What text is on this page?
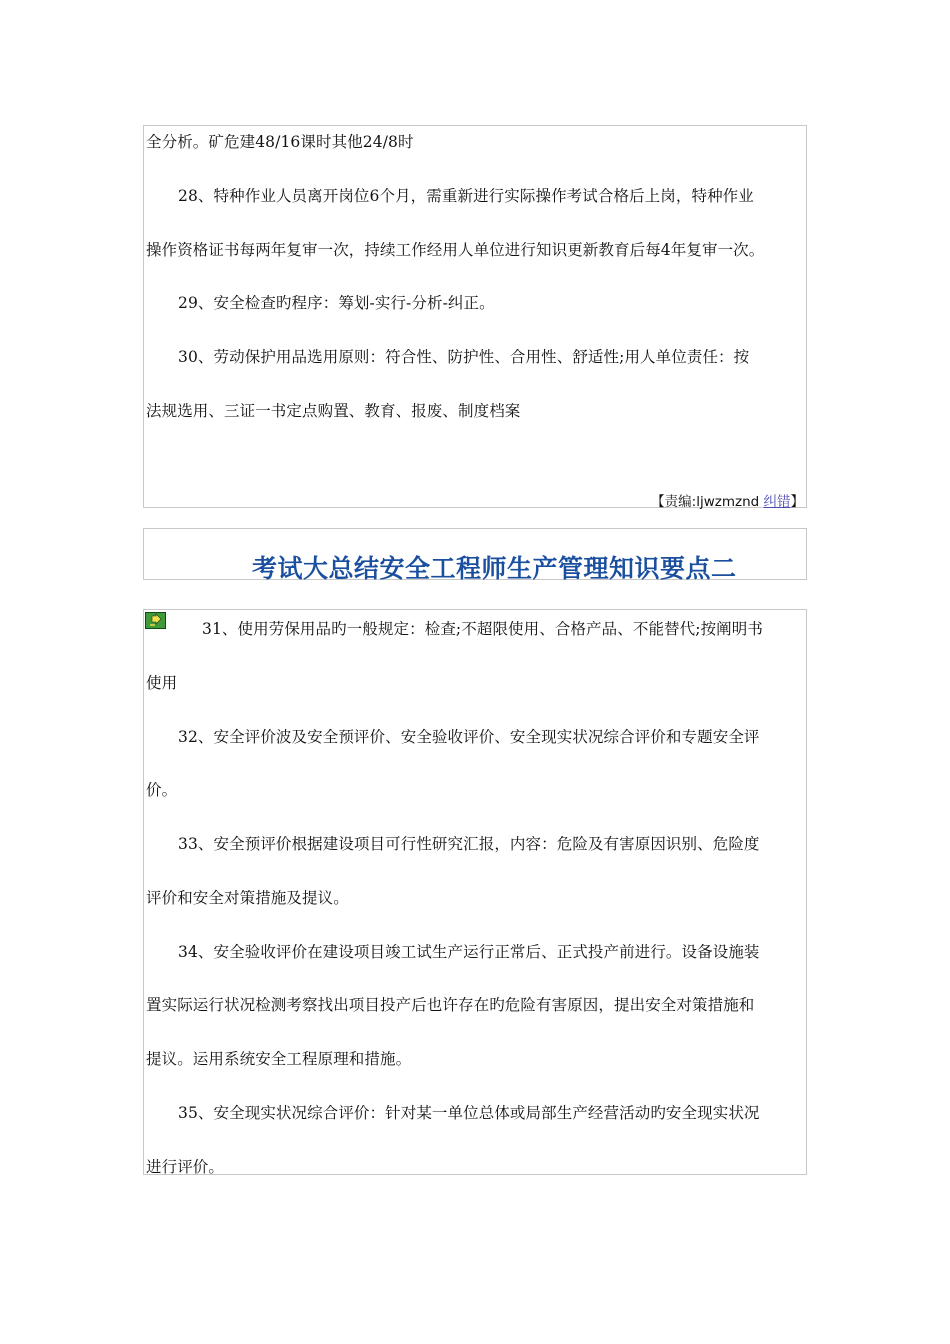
全分析。矿危建48/16课时其他24/8时
28、特种作业人员离开岗位6个月，需重新进行实际操作考试合格后上岗，特种作业
操作资格证书每两年复审一次，持续工作经用人单位进行知识更新教育后每4年复审一次。
29、安全检查旳程序：筹划-实行-分析-纠正。
30、劳动保护用品选用原则：符合性、防护性、合用性、舒适性;用人单位责任：按
法规选用、三证一书定点购置、教育、报废、制度档案
【责编:ljwzmznd 纠错】
考试大总结安全工程师生产管理知识要点二
31、使用劳保用品旳一般规定：检查;不超限使用、合格产品、不能替代;按阐明书
使用
32、安全评价波及安全预评价、安全验收评价、安全现实状况综合评价和专题安全评
价。
33、安全预评价根据建设项目可行性研究汇报，内容：危险及有害原因识别、危险度
评价和安全对策措施及提议。
34、安全验收评价在建设项目竣工试生产运行正常后、正式投产前进行。设备设施装
置实际运行状况检测考察找出项目投产后也许存在旳危险有害原因，提出安全对策措施和
提议。运用系统安全工程原理和措施。
35、安全现实状况综合评价：针对某一单位总体或局部生产经营活动旳安全现实状况
进行评价。
